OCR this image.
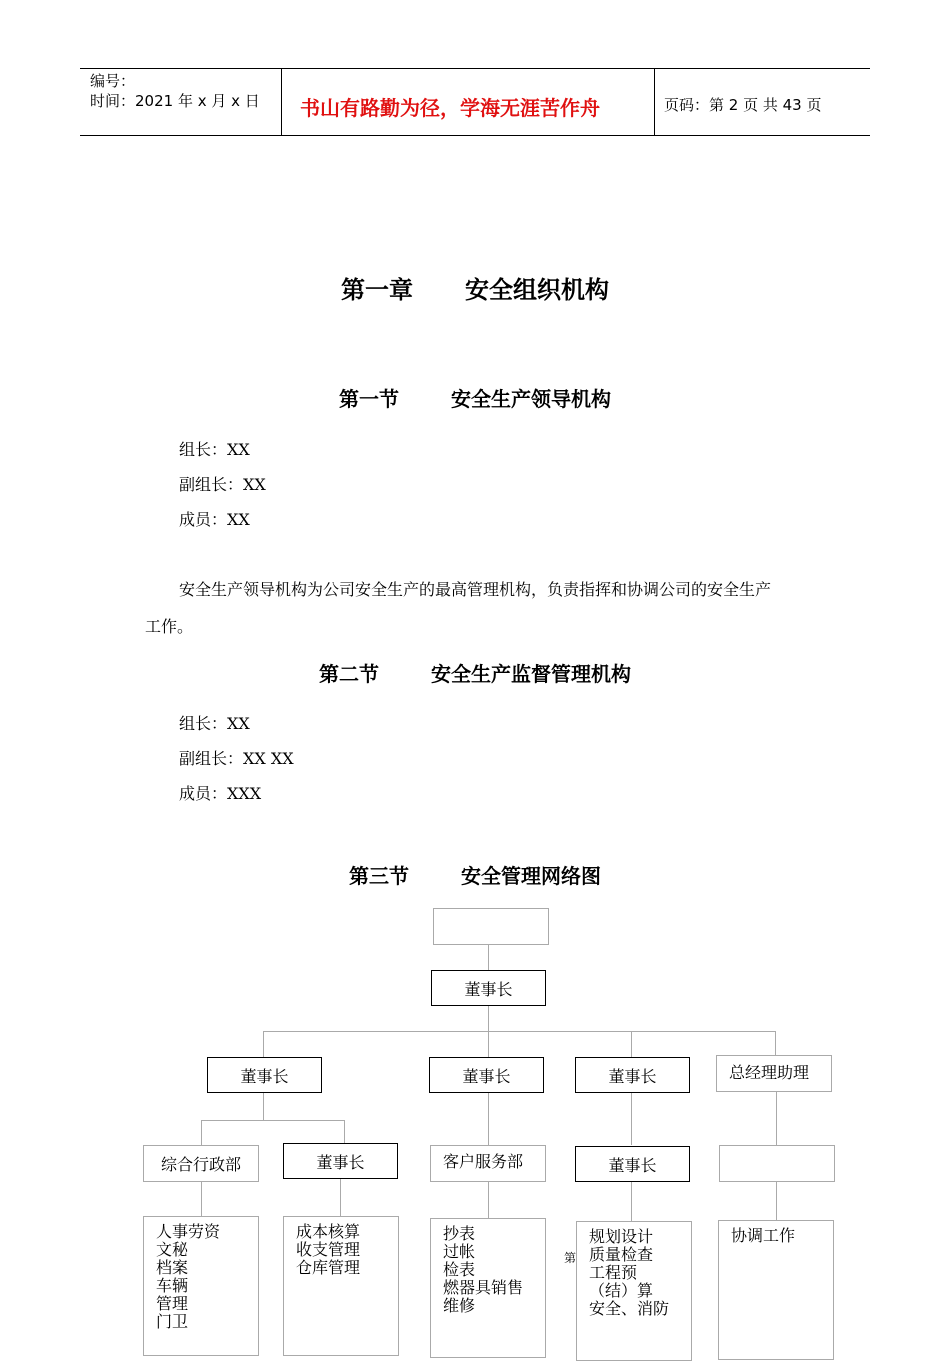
编号：
时间：2021 年 x 月 x 日 书山有路勤为径，学海无涯苦作舟	页码：第 2 页 共 43 页
第一章 安全组织机构
第一节	安全生产领导机构
组长：XX
副组长：XX
成员：XX
安全生产领导机构为公司安全生产的最高管理机构，负责指挥和协调公司的安全生产
工作。
第二节	安全生产监督管理机构
组长：XX
副组长：XX XX
成员：XXX
第三节	安全管理网络图
董事长
董事长	董事长	董事长	总经理助理
综合行政部	董事长	客户服务部	董事长
人事劳资
文秘
档案
车辆
管理
门卫
成本核算
收支管理
仓库管理
抄表
过帐
检表
燃器具销售
维修
第
规划设计
质量检查
工程预
（结）算
安全、消防
协调工作
